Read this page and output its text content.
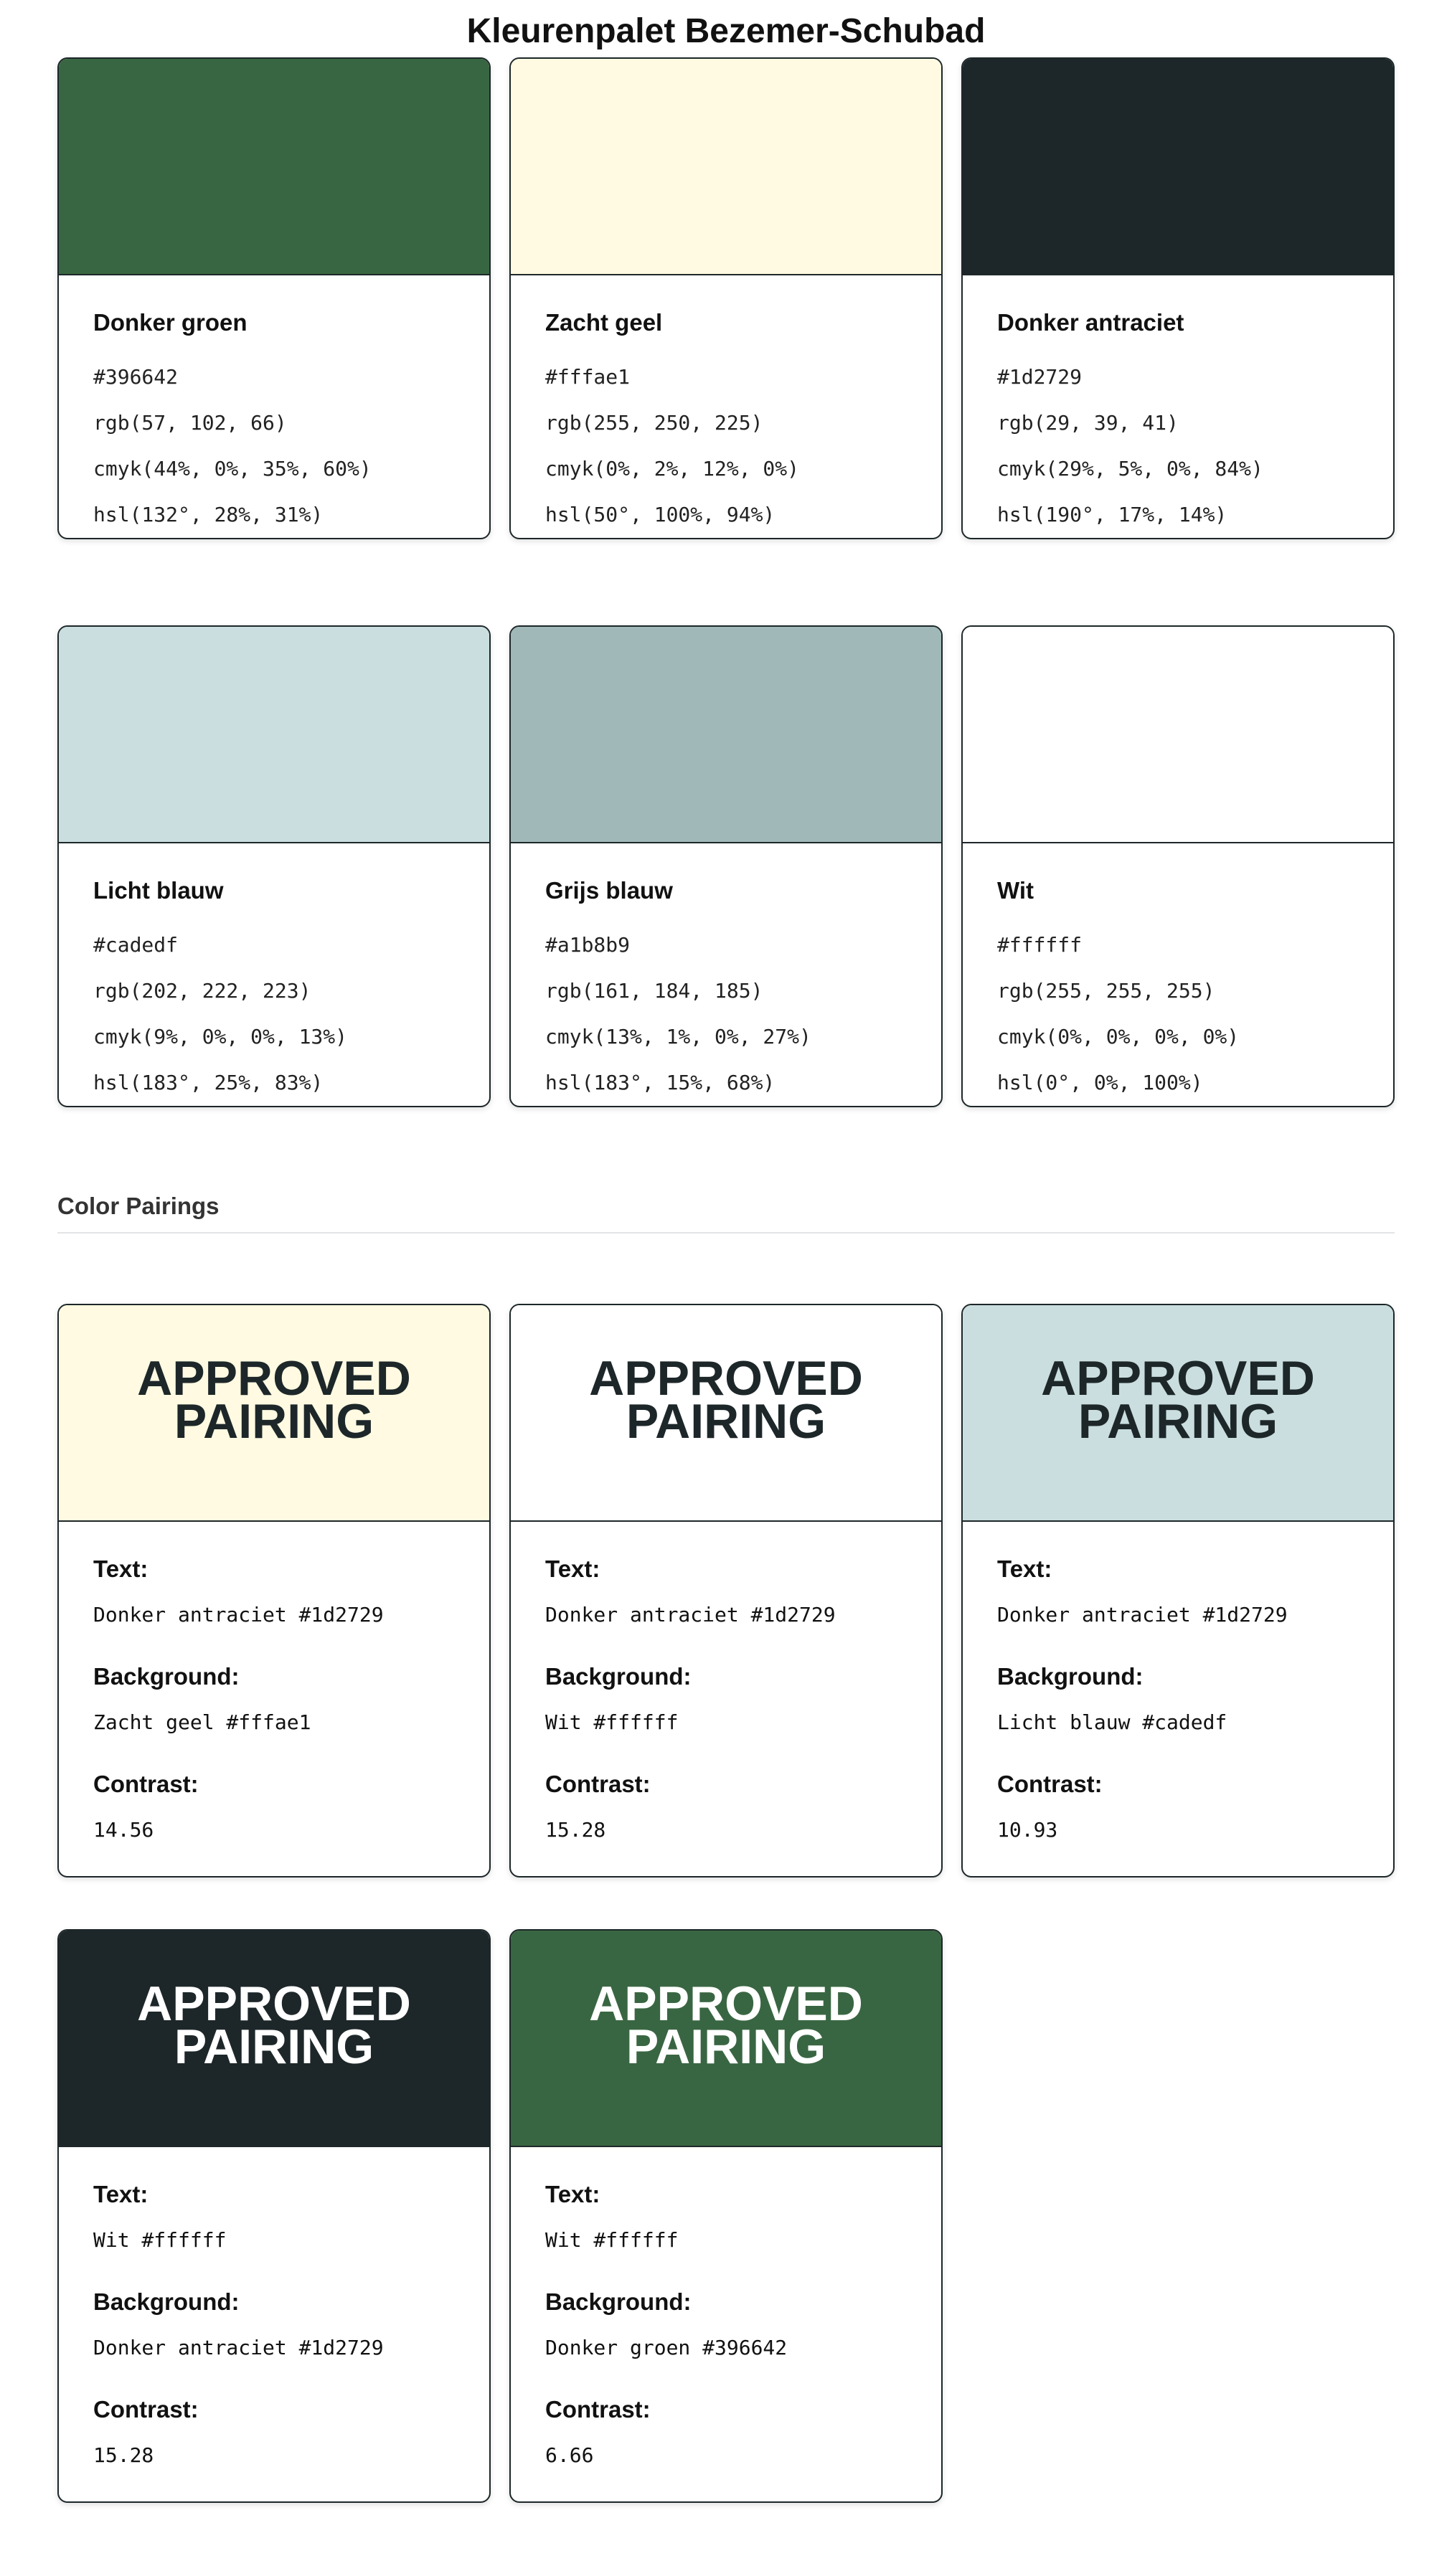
Kleurenpalet Bezemer-Schubad

Donker groen

#396642

rgb(57, 102, 66)

cmyk(44%, 0%, 35%, 60%)

hsl(132°, 28%, 31%)

Zacht geel

#fffae1

rgb(255, 250, 225)

cmyk(0%, 2%, 12%, 0%)

hsl(50°, 100%, 94%)

Donker antraciet

#1d2729

rgb(29, 39, 41)

cmyk(29%, 5%, 0%, 84%)

hsl(190°, 17%, 14%)

Licht blauw

#cadedf

rgb(202, 222, 223)

cmyk(9%, 0%, 0%, 13%)

hsl(183°, 25%, 83%)

Grijs blauw

#a1b8b9

rgb(161, 184, 185)

cmyk(13%, 1%, 0%, 27%)

hsl(183°, 15%, 68%)

Wit

#ffffff

rgb(255, 255, 255)

cmyk(0%, 0%, 0%, 0%)

hsl(0°, 0%, 100%)

Color Pairings
APPROVED
PAIRING

Text:

Donker antraciet #1d2729

Background:

Zacht geel #fffae1

Contrast:

14.56

APPROVED
PAIRING

Text:

Donker antraciet #1d2729

Background:

Wit #ffffff

Contrast:

15.28

APPROVED
PAIRING

Text:

Donker antraciet #1d2729

Background:

Licht blauw #cadedf

Contrast:

10.93

APPROVED
PAIRING

Text:

Wit #ffffff

Background:

Donker antraciet #1d2729

Contrast:

15.28

APPROVED
PAIRING

Text:

Wit #ffffff

Background:

Donker groen #396642

Contrast:

6.66
